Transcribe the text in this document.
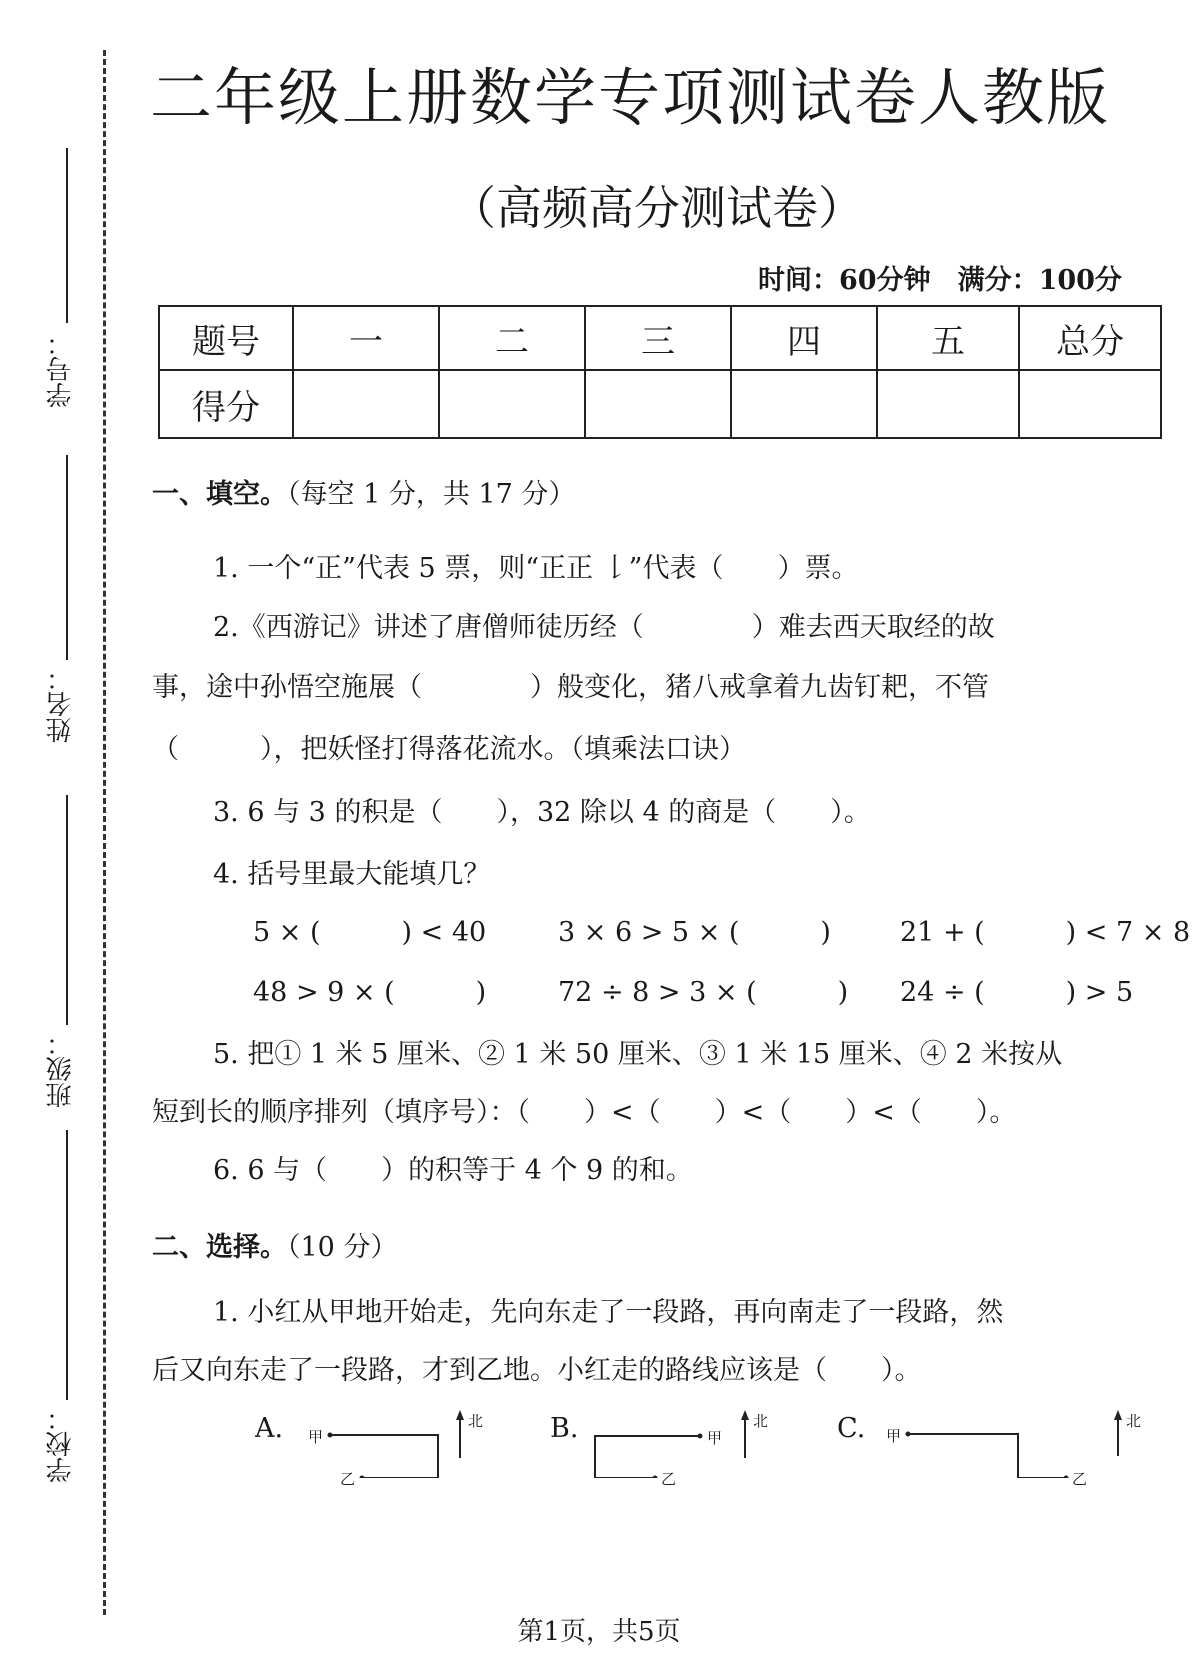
学号：
姓名：
班级：
学校：
二年级上册数学专项测试卷人教版
（高频高分测试卷）
时间：60分钟　满分：100分
题号	一	二	三	四	五	总分
得分						
一、填空。（每空 1 分，共 17 分）
1. 一个“正”代表 5 票，则“正正 𠄌”代表（　　）票。
2.《西游记》讲述了唐僧师徒历经（　　　　）难去西天取经的故
事，途中孙悟空施展（　　　　）般变化，猪八戒拿着九齿钉耙，不管
（　　　），把妖怪打得落花流水。（填乘法口诀）
3. 6 与 3 的积是（　　），32 除以 4 的商是（　　）。
4. 括号里最大能填几？
5 × (　　　) < 40	3 × 6 > 5 × (　　　)	21 + (　　　) < 7 × 8
48 > 9 × (　　　)	72 ÷ 8 > 3 × (　　　) 24 ÷ (　　　) > 5
5. 把① 1 米 5 厘米、② 1 米 50 厘米、③ 1 米 15 厘米、④ 2 米按从
短到长的顺序排列（填序号）：（　　）<（　　）<（　　）<（　　）。
6. 6 与（　　）的积等于 4 个 9 的和。
二、选择。（10 分）
1. 小红从甲地开始走，先向东走了一段路，再向南走了一段路，然
后又向东走了一段路，才到乙地。小红走的路线应该是（　　）。
A. 甲
乙
北 B.	甲
乙
北	C. 甲
乙
北
第1页，共5页
